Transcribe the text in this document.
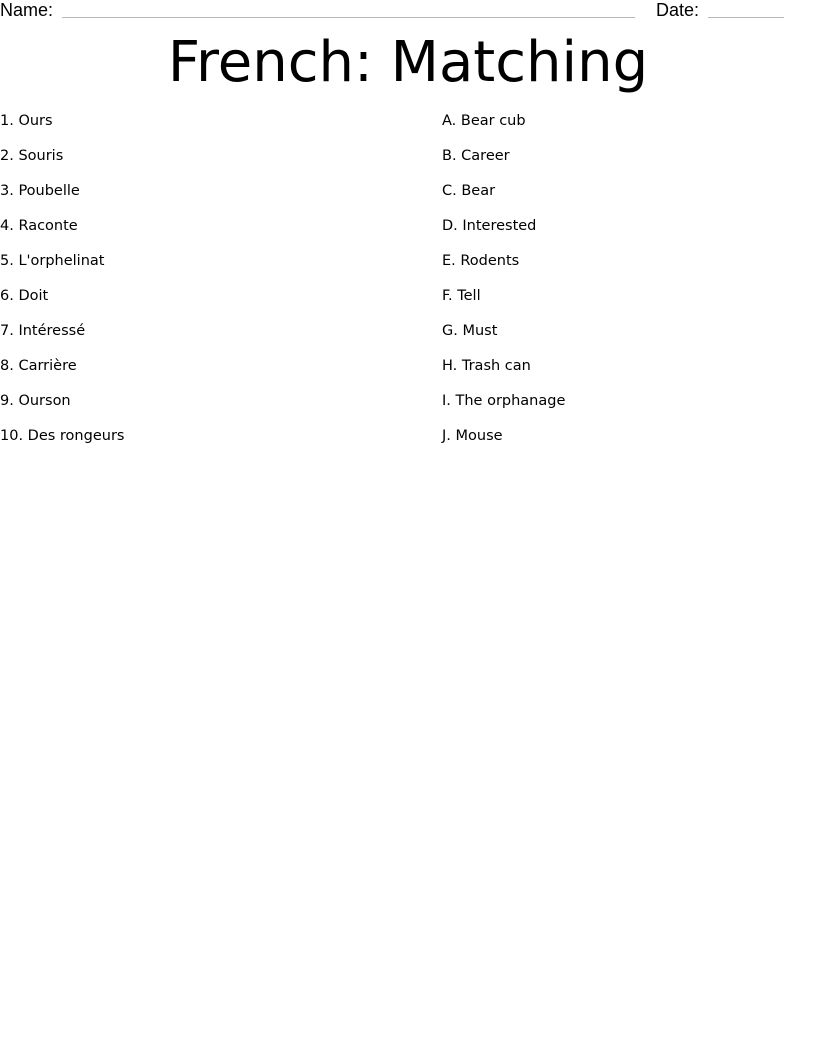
Name:	Date:
French: Matching
1. Ours
2. Souris
3. Poubelle
4. Raconte
5. L'orphelinat
6. Doit
7. Intéressé
8. Carrière
9. Ourson
10. Des rongeurs
A. Bear cub
B. Career
C. Bear
D. Interested
E. Rodents
F. Tell
G. Must
H. Trash can
I. The orphanage
J. Mouse
